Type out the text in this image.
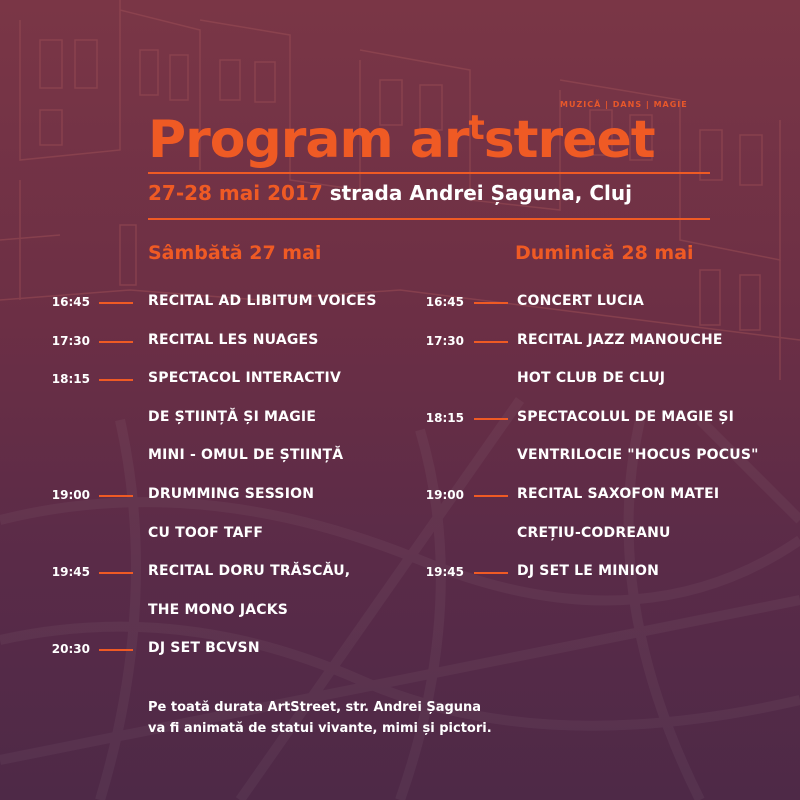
MUZICĂ | DANS | MAGIE
Program $ar^tstreet$
27-28 mai 2017 strada Andrei Șaguna, Cluj
Sâmbătă 27 mai	Duminică 28 mai
16:45	RECITAL AD LIBITUM VOICES
17:30	RECITAL LES NUAGES
18:15	SPECTACOL INTERACTIV
DE ȘTIINȚĂ ȘI MAGIE
MINI - OMUL DE ȘTIINȚĂ
19:00	DRUMMING SESSION
CU TOOF TAFF
19:45	RECITAL DORU TRĂSCĂU,
THE MONO JACKS
20:30	DJ SET BCVSN
16:45	CONCERT LUCIA
17:30	RECITAL JAZZ MANOUCHE
HOT CLUB DE CLUJ
18:15	SPECTACOLUL DE MAGIE ȘI
VENTRILOCIE "HOCUS POCUS"
19:00	RECITAL SAXOFON MATEI
CREȚIU-CODREANU
19:45	DJ SET LE MINION
Pe toată durata ArtStreet, str. Andrei Șaguna
va fi animată de statui vivante, mimi și pictori.
